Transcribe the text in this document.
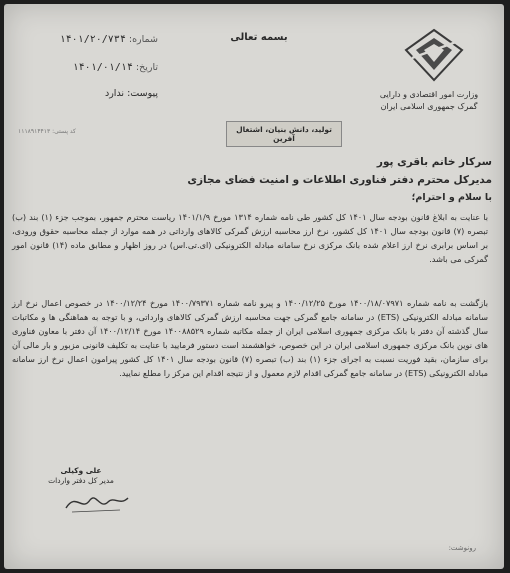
بسمه تعالی
وزارت امور اقتصادی و دارایی
گمرک جمهوری اسلامی ایران
شماره: ۱۴۰۱/۲۰/۷۳۴
تاریخ: ۱۴۰۱/۰۱/۱۴
پیوست: ندارد
کد پستی: ۱۱۱۸۹۱۴۴۱۳	تولید، دانش بنیان، اشتغال آفرین
سرکار خانم باقری پور
مدیرکل محترم دفتر فناوری اطلاعات و امنیت فضای مجازی
با سلام و احترام؛
با عنایت به ابلاغ قانون بودجه سال ۱۴۰۱ کل کشور طی نامه شماره ۱۳۱۴ مورخ ۱۴۰۱/۱/۹ ریاست محترم جمهور، بموجب جزء (۱) بند (ب) تبصره (۷) قانون بودجه سال ۱۴۰۱ کل کشور، نرخ ارز محاسبه ارزش گمرکی کالاهای وارداتی در همه موارد از جمله محاسبه حقوق ورودی، بر اساس برابری نرخ ارز اعلام شده بانک مرکزی نرخ سامانه مبادله الکترونیکی (ای.تی.اس) در روز اظهار و مطابق ماده (۱۴) قانون امور گمرکی می باشد.
بازگشت به نامه شماره ۱۴۰۰/۱۸/۰۷۹۷۱ مورخ ۱۴۰۰/۱۲/۲۵ و پیرو نامه شماره ۱۴۰۰/۷۹۳۷۱ مورخ ۱۴۰۰/۱۲/۲۴ در خصوص اعمال نرخ ارز سامانه مبادله الکترونیکی (ETS) در سامانه جامع گمرکی جهت محاسبه ارزش گمرکی کالاهای وارداتی، و با توجه به هماهنگی ها و مکاتبات سال گذشته آن دفتر با بانک مرکزی جمهوری اسلامی ایران از جمله مکاتبه شماره ۱۴۰۰۸۸۵۲۹ مورخ ۱۴۰۰/۱۲/۱۴ آن دفتر با معاون فناوری های نوین بانک مرکزی جمهوری اسلامی ایران در این خصوص، خواهشمند است دستور فرمایید با عنایت به تکلیف قانونی مزبور و بار مالی آن برای سازمان، بقید فوریت نسبت به اجرای جزء (۱) بند (ب) تبصره (۷) قانون بودجه سال ۱۴۰۱ کل کشور پیرامون اعمال نرخ ارز سامانه مبادله الکترونیکی (ETS) در سامانه جامع گمرکی اقدام لازم معمول و از نتیجه اقدام این مرکز را مطلع نمایید.
علی وکیلی
مدیر کل دفتر واردات
رونوشت:
